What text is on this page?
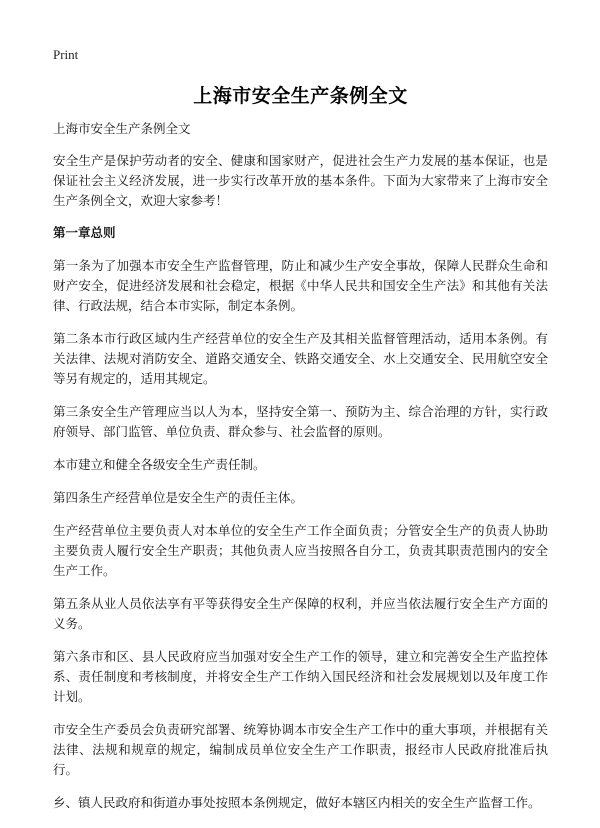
Print
上海市安全生产条例全文

上海市安全生产条例全文

安全生产是保护劳动者的安全、健康和国家财产，促进社会生产力发展的基本保证，也是保证社会主义经济发展，进一步实行改革开放的基本条件。下面为大家带来了上海市安全生产条例全文，欢迎大家参考！

第一章总则

第一条为了加强本市安全生产监督管理，防止和减少生产安全事故，保障人民群众生命和财产安全，促进经济发展和社会稳定，根据《中华人民共和国安全生产法》和其他有关法律、行政法规，结合本市实际，制定本条例。

第二条本市行政区域内生产经营单位的安全生产及其相关监督管理活动，适用本条例。有关法律、法规对消防安全、道路交通安全、铁路交通安全、水上交通安全、民用航空安全等另有规定的，适用其规定。

第三条安全生产管理应当以人为本，坚持安全第一、预防为主、综合治理的方针，实行政府领导、部门监管、单位负责、群众参与、社会监督的原则。

本市建立和健全各级安全生产责任制。

第四条生产经营单位是安全生产的责任主体。

生产经营单位主要负责人对本单位的安全生产工作全面负责；分管安全生产的负责人协助主要负责人履行安全生产职责；其他负责人应当按照各自分工，负责其职责范围内的安全生产工作。

第五条从业人员依法享有平等获得安全生产保障的权利，并应当依法履行安全生产方面的义务。

第六条市和区、县人民政府应当加强对安全生产工作的领导，建立和完善安全生产监控体系、责任制度和考核制度，并将安全生产工作纳入国民经济和社会发展规划以及年度工作计划。

市安全生产委员会负责研究部署、统筹协调本市安全生产工作中的重大事项，并根据有关法律、法规和规章的规定，编制成员单位安全生产工作职责，报经市人民政府批准后执行。

乡、镇人民政府和街道办事处按照本条例规定，做好本辖区内相关的安全生产监督工作。
